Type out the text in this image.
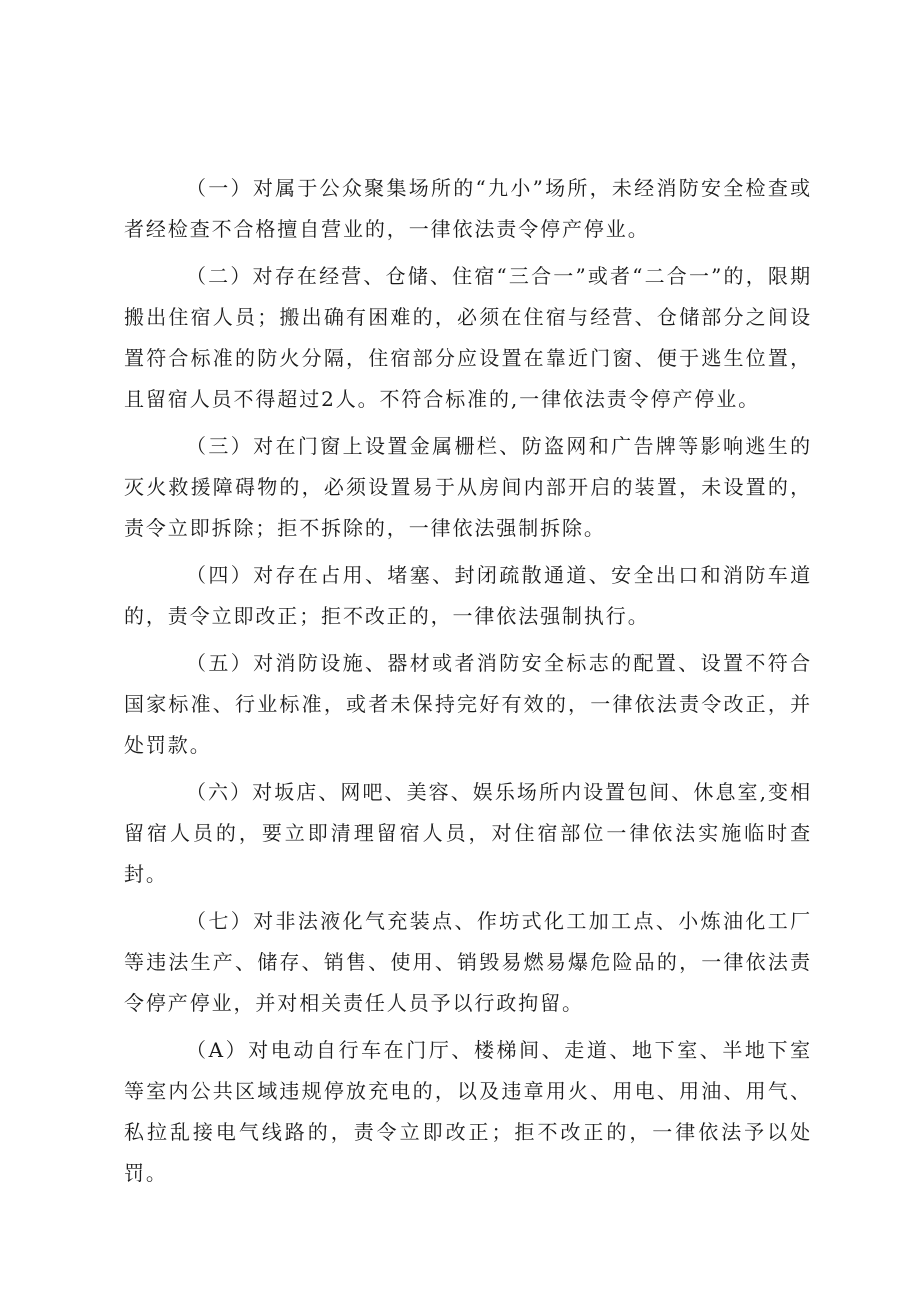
（一）对属于公众聚集场所的“九小”场所，未经消防安全检查或者经检查不合格擅自营业的，一律依法责令停产停业。

（二）对存在经营、仓储、住宿“三合一”或者“二合一”的，限期搬出住宿人员；搬出确有困难的，必须在住宿与经营、仓储部分之间设置符合标准的防火分隔，住宿部分应设置在靠近门窗、便于逃生位置，且留宿人员不得超过2人。不符合标准的,一律依法责令停产停业。

（三）对在门窗上设置金属栅栏、防盗网和广告牌等影响逃生的灭火救援障碍物的，必须设置易于从房间内部开启的装置，未设置的，责令立即拆除；拒不拆除的，一律依法强制拆除。

（四）对存在占用、堵塞、封闭疏散通道、安全出口和消防车道的，责令立即改正；拒不改正的，一律依法强制执行。

（五）对消防设施、器材或者消防安全标志的配置、设置不符合国家标准、行业标准，或者未保持完好有效的，一律依法责令改正，并处罚款。

（六）对坂店、网吧、美容、娱乐场所内设置包间、休息室,变相留宿人员的，要立即清理留宿人员，对住宿部位一律依法实施临时查封。

（七）对非法液化气充装点、作坊式化工加工点、小炼油化工厂等违法生产、储存、销售、使用、销毁易燃易爆危险品的，一律依法责令停产停业，并对相关责任人员予以行政拘留。

（A）对电动自行车在门厅、楼梯间、走道、地下室、半地下室等室内公共区域违规停放充电的，以及违章用火、用电、用油、用气、私拉乱接电气线路的，责令立即改正；拒不改正的，一律依法予以处罚。
